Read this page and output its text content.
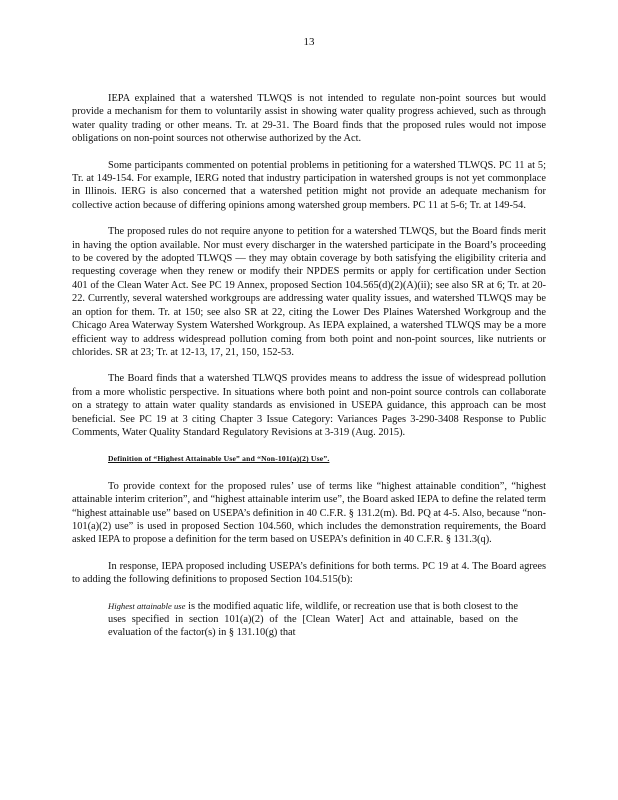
13

IEPA explained that a watershed TLWQS is not intended to regulate non-point sources but would provide a mechanism for them to voluntarily assist in showing water quality progress achieved, such as through water quality trading or other means. Tr. at 29-31. The Board finds that the proposed rules would not impose obligations on non-point sources not otherwise authorized by the Act.

Some participants commented on potential problems in petitioning for a watershed TLWQS. PC 11 at 5; Tr. at 149-154. For example, IERG noted that industry participation in watershed groups is not yet commonplace in Illinois. IERG is also concerned that a watershed petition might not provide an adequate mechanism for collective action because of differing opinions among watershed group members. PC 11 at 5-6; Tr. at 149-54.

The proposed rules do not require anyone to petition for a watershed TLWQS, but the Board finds merit in having the option available. Nor must every discharger in the watershed participate in the Board’s proceeding to be covered by the adopted TLWQS — they may obtain coverage by both satisfying the eligibility criteria and requesting coverage when they renew or modify their NPDES permits or apply for certification under Section 401 of the Clean Water Act. See PC 19 Annex, proposed Section 104.565(d)(2)(A)(ii); see also SR at 6; Tr. at 20-22. Currently, several watershed workgroups are addressing water quality issues, and watershed TLWQS may be an option for them. Tr. at 150; see also SR at 22, citing the Lower Des Plaines Watershed Workgroup and the Chicago Area Waterway System Watershed Workgroup. As IEPA explained, a watershed TLWQS may be a more efficient way to address widespread pollution coming from both point and non-point sources, like nutrients or chlorides. SR at 23; Tr. at 12-13, 17, 21, 150, 152-53.

The Board finds that a watershed TLWQS provides means to address the issue of widespread pollution from a more wholistic perspective. In situations where both point and non-point source controls can collaborate on a strategy to attain water quality standards as envisioned in USEPA guidance, this approach can be most beneficial. See PC 19 at 3 citing Chapter 3 Issue Category: Variances Pages 3-290-3408 Response to Public Comments, Water Quality Standard Regulatory Revisions at 3-319 (Aug. 2015).

Definition of “Highest Attainable Use” and “Non-101(a)(2) Use”.

To provide context for the proposed rules’ use of terms like “highest attainable condition”, “highest attainable interim criterion”, and “highest attainable interim use”, the Board asked IEPA to define the related term “highest attainable use” based on USEPA’s definition in 40 C.F.R. § 131.2(m). Bd. PQ at 4-5. Also, because “non-101(a)(2) use” is used in proposed Section 104.560, which includes the demonstration requirements, the Board asked IEPA to propose a definition for the term based on USEPA’s definition in 40 C.F.R. § 131.3(q).

In response, IEPA proposed including USEPA’s definitions for both terms. PC 19 at 4. The Board agrees to adding the following definitions to proposed Section 104.515(b):

Highest attainable use is the modified aquatic life, wildlife, or recreation use that is both closest to the uses specified in section 101(a)(2) of the [Clean Water] Act and attainable, based on the evaluation of the factor(s) in § 131.10(g) that
